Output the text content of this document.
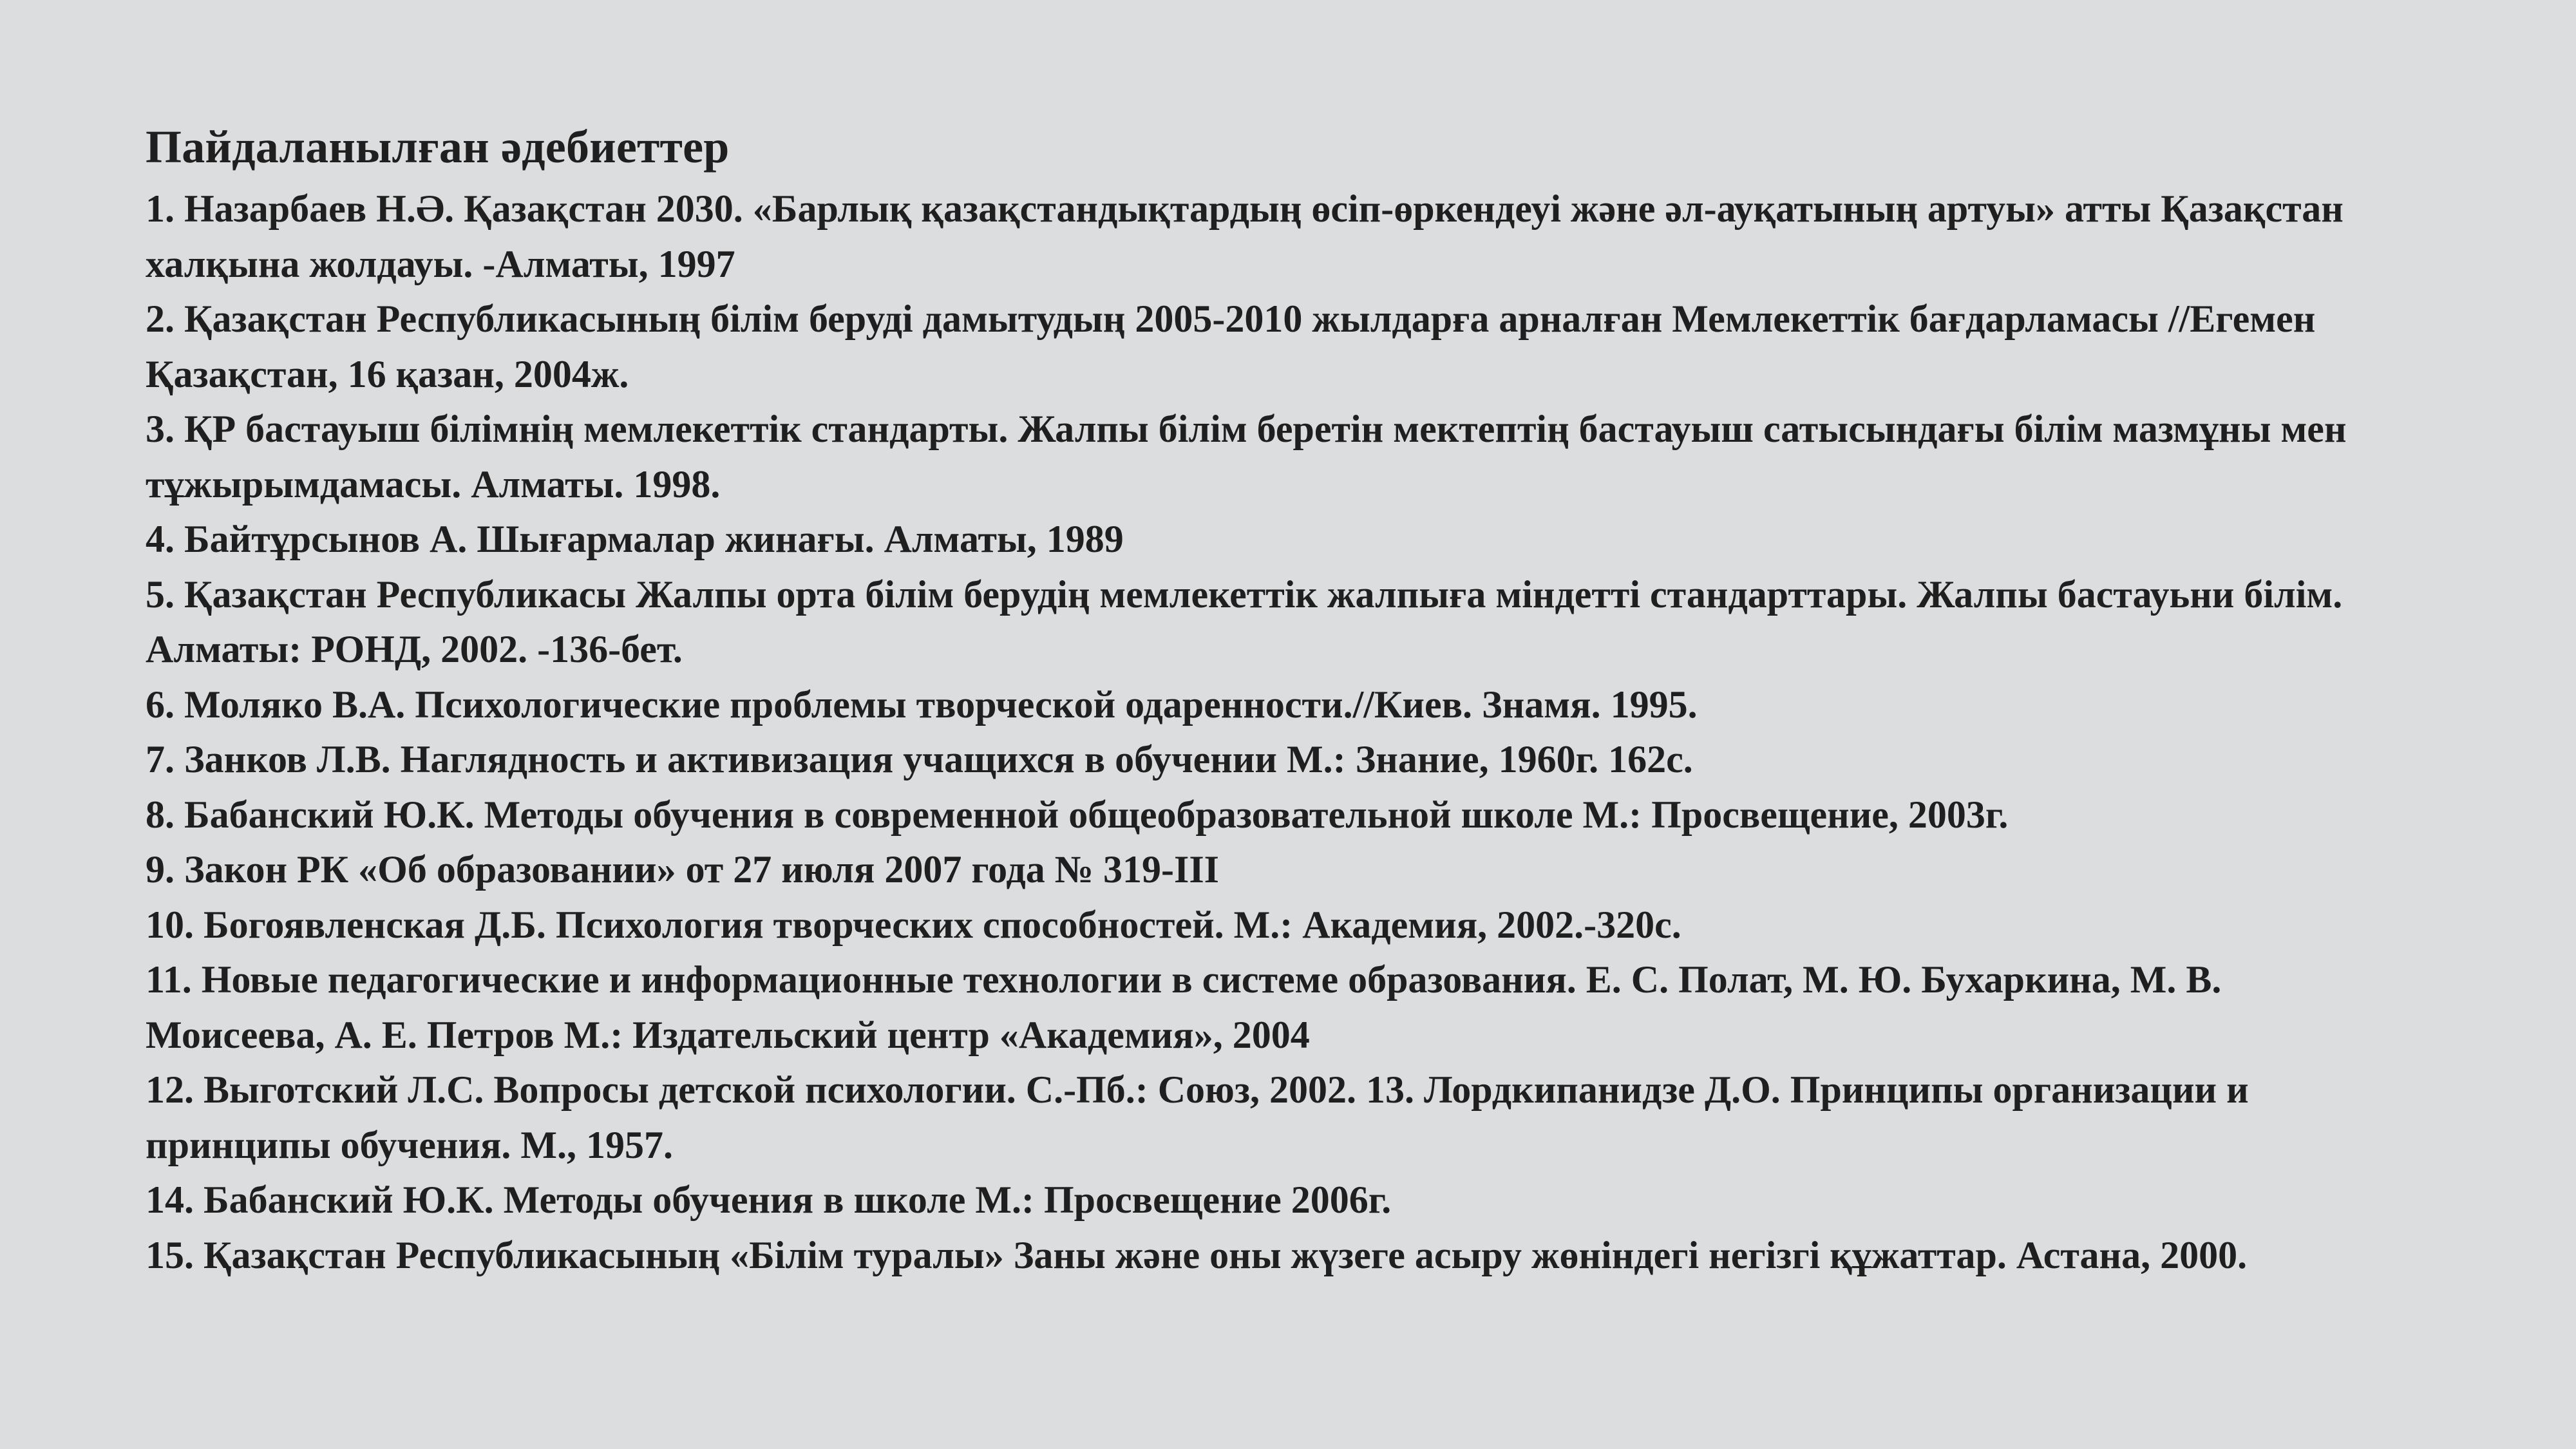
Пайдаланылған әдебиеттер
1. Назарбаев Н.Ә. Қазақстан 2030. «Барлық қазақстандықтардың өсіп-өркендеуі және әл-ауқатының артуы» атты Қазақстан халқына жолдауы. -Алматы, 1997
2. Қазақстан Республикасының білім беруді дамытудың 2005-2010 жылдарға арналған Мемлекеттік бағдарламасы //Егемен Қазақстан, 16 қазан, 2004ж.
3. ҚР бастауыш білімнің мемлекеттік стандарты. Жалпы білім беретін мектептің бастауыш сатысындағы білім мазмұны мен тұжырымдамасы. Алматы. 1998.
4. Байтұрсынов А. Шығармалар жинағы. Алматы, 1989
5. Қазақстан Республикасы Жалпы орта білім берудің мемлекеттік жалпыға міндетті стандарттары. Жалпы бастауьни білім. Алматы: РОНД, 2002. -136-бет.
6. Моляко В.А. Психологические проблемы творческой одаренности.//Киев. Знамя. 1995.
7. Занков Л.В. Наглядность и активизация учащихся в обучении М.: Знание, 1960г. 162с.
8. Бабанский Ю.К. Методы обучения в современной общеобразовательной школе М.: Просвещение, 2003г.
9. Закон РК «Об образовании» от 27 июля 2007 года № 319-III
10. Богоявленская Д.Б. Психология творческих способностей. М.: Академия, 2002.-320с.
11. Новые педагогические и информационные технологии в системе образования. Е. С. Полат, М. Ю. Бухаркина, М. В. Моисеева, А. Е. Петров М.: Издательский центр «Академия», 2004
12. Выготский Л.С. Вопросы детской психологии. С.-Пб.: Союз, 2002. 13. Лордкипанидзе Д.О. Принципы организации и принципы обучения. М., 1957.
14. Бабанский Ю.К. Методы обучения в школе М.: Просвещение 2006г.
15. Қазақстан Республикасының «Білім туралы» Заны және оны жүзеге асыру жөніндегі негізгі құжаттар. Астана, 2000.
